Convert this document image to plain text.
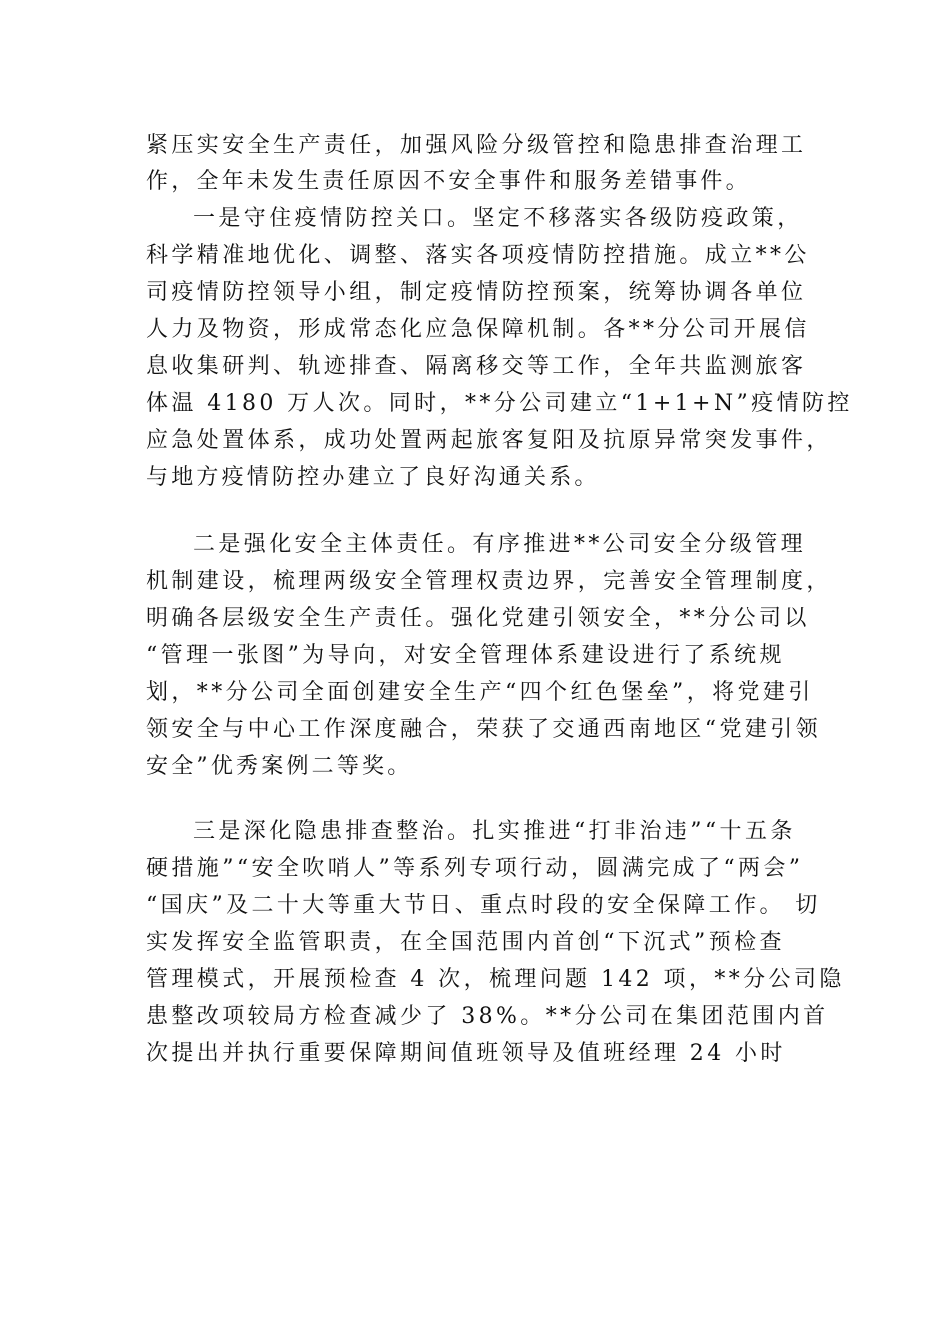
紧压实安全生产责任，加强风险分级管控和隐患排查治理工
作，全年未发生责任原因不安全事件和服务差错事件。
一是守住疫情防控关口。坚定不移落实各级防疫政策，
科学精准地优化、调整、落实各项疫情防控措施。成立**公
司疫情防控领导小组，制定疫情防控预案，统筹协调各单位
人力及物资，形成常态化应急保障机制。各**分公司开展信
息收集研判、轨迹排查、隔离移交等工作，全年共监测旅客
体温 4180 万人次。同时，**分公司建立“1+1+N”疫情防控
应急处置体系，成功处置两起旅客复阳及抗原异常突发事件，
与地方疫情防控办建立了良好沟通关系。
二是强化安全主体责任。有序推进**公司安全分级管理
机制建设，梳理两级安全管理权责边界，完善安全管理制度，
明确各层级安全生产责任。强化党建引领安全，**分公司以
“管理一张图”为导向，对安全管理体系建设进行了系统规
划，**分公司全面创建安全生产“四个红色堡垒”，将党建引
领安全与中心工作深度融合，荣获了交通西南地区“党建引领
安全”优秀案例二等奖。
三是深化隐患排查整治。扎实推进“打非治违”“十五条
硬措施”“安全吹哨人”等系列专项行动，圆满完成了“两会”
“国庆”及二十大等重大节日、重点时段的安全保障工作。 切
实发挥安全监管职责，在全国范围内首创“下沉式”预检查
管理模式，开展预检查 4 次，梳理问题 142 项，**分公司隐
患整改项较局方检查减少了 38%。**分公司在集团范围内首
次提出并执行重要保障期间值班领导及值班经理 24 小时
